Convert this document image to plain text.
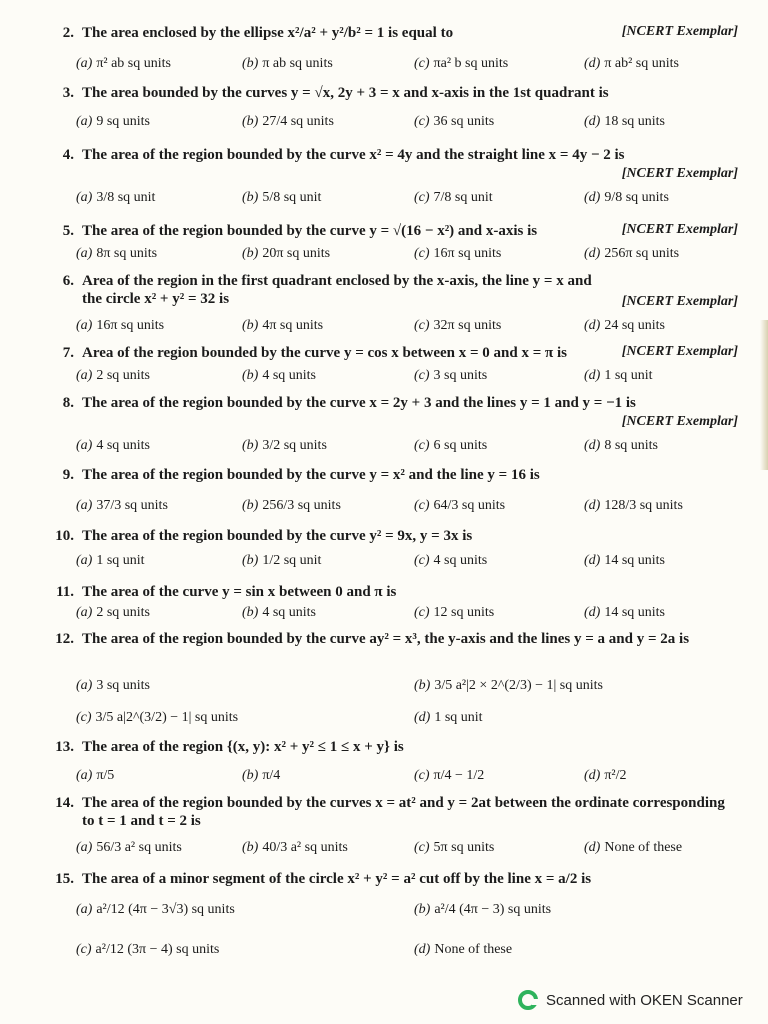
2. The area enclosed by the ellipse x²/a² + y²/b² = 1 is equal to	[NCERT Exemplar]
(a) π² ab sq units	(b) π ab sq units	(c) πa² b sq units	(d) π ab² sq units
3. The area bounded by the curves y = √x, 2y + 3 = x and x-axis in the 1st quadrant is
(a) 9 sq units	(b) 27/4 sq units	(c) 36 sq units	(d) 18 sq units
4. The area of the region bounded by the curve x² = 4y and the straight line x = 4y − 2 is
[NCERT Exemplar]
(a) 3/8 sq unit	(b) 5/8 sq unit	(c) 7/8 sq unit	(d) 9/8 sq units
5. The area of the region bounded by the curve y = √(16 − x²) and x-axis is	[NCERT Exemplar]
(a) 8π sq units	(b) 20π sq units	(c) 16π sq units	(d) 256π sq units
6. Area of the region in the first quadrant enclosed by the x-axis, the line y = x and the circle x² + y² = 32 is	[NCERT Exemplar]
(a) 16π sq units	(b) 4π sq units	(c) 32π sq units	(d) 24 sq units
7. Area of the region bounded by the curve y = cos x between x = 0 and x = π is	[NCERT Exemplar]
(a) 2 sq units	(b) 4 sq units	(c) 3 sq units	(d) 1 sq unit
8. The area of the region bounded by the curve x = 2y + 3 and the lines y = 1 and y = −1 is
[NCERT Exemplar]
(a) 4 sq units	(b) 3/2 sq units	(c) 6 sq units	(d) 8 sq units
9. The area of the region bounded by the curve y = x² and the line y = 16 is
(a) 37/3 sq units	(b) 256/3 sq units	(c) 64/3 sq units	(d) 128/3 sq units
10. The area of the region bounded by the curve y² = 9x, y = 3x is
(a) 1 sq unit	(b) 1/2 sq unit	(c) 4 sq units	(d) 14 sq units
11. The area of the curve y = sin x between 0 and π is
(a) 2 sq units	(b) 4 sq units	(c) 12 sq units	(d) 14 sq units
12. The area of the region bounded by the curve ay² = x³, the y-axis and the lines y = a and y = 2a is
(a) 3 sq units	(b) 3/5 a²|2 × 2^(2/3) − 1| sq units
(c) 3/5 a|2^(3/2) − 1| sq units	(d) 1 sq unit
13. The area of the region {(x, y): x² + y² ≤ 1 ≤ x + y} is
(a) π/5	(b) π/4	(c) π/4 − 1/2	(d) π²/2
14. The area of the region bounded by the curves x = at² and y = 2at between the ordinate corresponding to t = 1 and t = 2 is
(a) 56/3 a² sq units	(b) 40/3 a² sq units	(c) 5π sq units	(d) None of these
15. The area of a minor segment of the circle x² + y² = a² cut off by the line x = a/2 is
(a) a²/12 (4π − 3√3) sq units	(b) a²/4 (4π − 3) sq units
(c) a²/12 (3π − 4) sq units	(d) None of these
Scanned with OKEN Scanner
